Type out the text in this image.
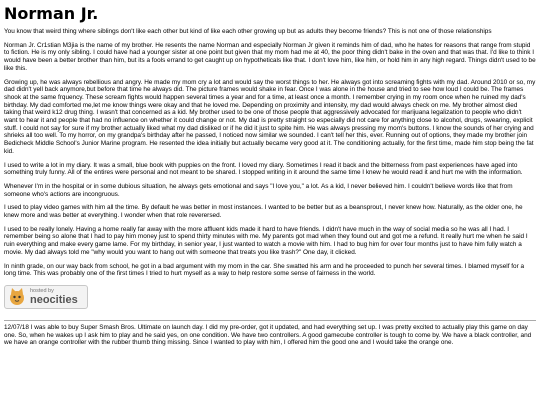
Norman Jr.

You know that weird thing where siblings don't like each other but kind of like each other growing up but as adults they become friends? This is not one of those relationships

Norman Jr. Cr1stian M3jia is the name of my brother. He resents the name Norman and especially Norman Jr given it reminds him of dad, who he hates for reasons that range from stupid to fiction. He is my only sibling. I could have had a younger sister at one point but given that my mom had me at 40, the poor thing didn't bake in the oven and that was that. I'd like to think I would have been a better brother than him, but its a fools errand to get caught up on hypotheticals like that. I don't love him, like him, or hold him in any high regard. Things didn't used to be like this.

Growing up, he was always rebellious and angry. He made my mom cry a lot and would say the worst things to her. He always got into screaming fights with my dad. Around 2010 or so, my dad didn't yell back anymore,but before that time he always did. The picture frames would shake in fear. Once I was alone in the house and tried to see how loud I could be. The frames shook at the same frquency. These scream fights would happen several times a year and for a time, at least once a month. I remember crying in my room once when he ruined my dad's birthday. My dad comforted me,let me know things were okay and that he loved me. Depending on proximity and intensity, my dad would always check on me. My brother almost died taking that weird k12 drug thing. I wasn't that concerned as a kid. My brother used to be one of those people that aggressively advocated for marijuana legalization to people who didn't want to hear it and people that had no influence on whether it could change or not. My dad is pretty straight so especially did not care for anything close to alcohol, drugs, swearing, explicit stuff. I could not say for sure if my brother actually liked what my dad disliked or if he did it just to spite him. He was always pressing my mom's buttons. I know the sounds of her crying and shrieks all too well. To my horror, on my grandpa's birthday after he passed, I noticed now similar we sounded. I can't tell her this, ever. Running out of options, they made my brother join Bedicheck Middle School's Junior Marine program. He resented the idea initially but actually became very good at it. The conditioning actually, for the first time, made him stop being the fat kid.

I used to write a lot in my diary. It was a small, blue book with puppies on the front. I loved my diary. Sometimes I read it back and the bitterness from past experiences have aged into something truly funny. All of the entires were personal and not meant to be shared. I stopped writing in it around the same time I knew he would read it and hurt me with the information.

Whenever I'm in the hospital or in some dubious situation, he always gets emotional and says "I love you," a lot. As a kid, I never believed him. I couldn't believe words like that from someone who's actions are incongruous.

I used to play video games with him all the time. By default he was better in most instances. I wanted to be better but as a beansprout, I never knew how. Naturally, as the older one, he knew more and was better at everything. I wonder when that role reverersed.

I used to be really lonely. Having a home really far away with the more affluent kids made it hard to have friends. I didn't have much in the way of social media so he was all I had. I remember being so alone that I had to pay him money just to spend thirty minutes with me. My parents got mad when they found out and got me a refund. It really hurt me when he said I ruin everything and make every game lame. For my birthday, in senior year, I just wanted to watch a movie with him. I had to bug him for over four months just to have him fully watch a movie. My dad always told me "why would you want to hang out with someone that treats you like trash?" One day, it clicked.

In ninth grade, on our way back from school, he got in a bad argument with my mom in the car. She swatted his arm and he proceeded to punch her several times. I blamed myself for a long time. This was probably one of the first times I tried to hurt myself as a way to help restore some sense of fairness in the world.

hosted by
neocities

12/07/18 I was able to buy Super Smash Bros. Ultimate on launch day. I did my pre-order, got it updated, and had everything set up. I was pretty excited to actually play this game on day one. So, when he wakes up I ask him to play and he said yes, on one condition. We have two controllers. A good gamecube controller is tough to come by. We have a black controller, and we have an orange controller with the rubber thumb thing missing. Since I wanted to play with him, I offered him the good one and I would take the orange one.
